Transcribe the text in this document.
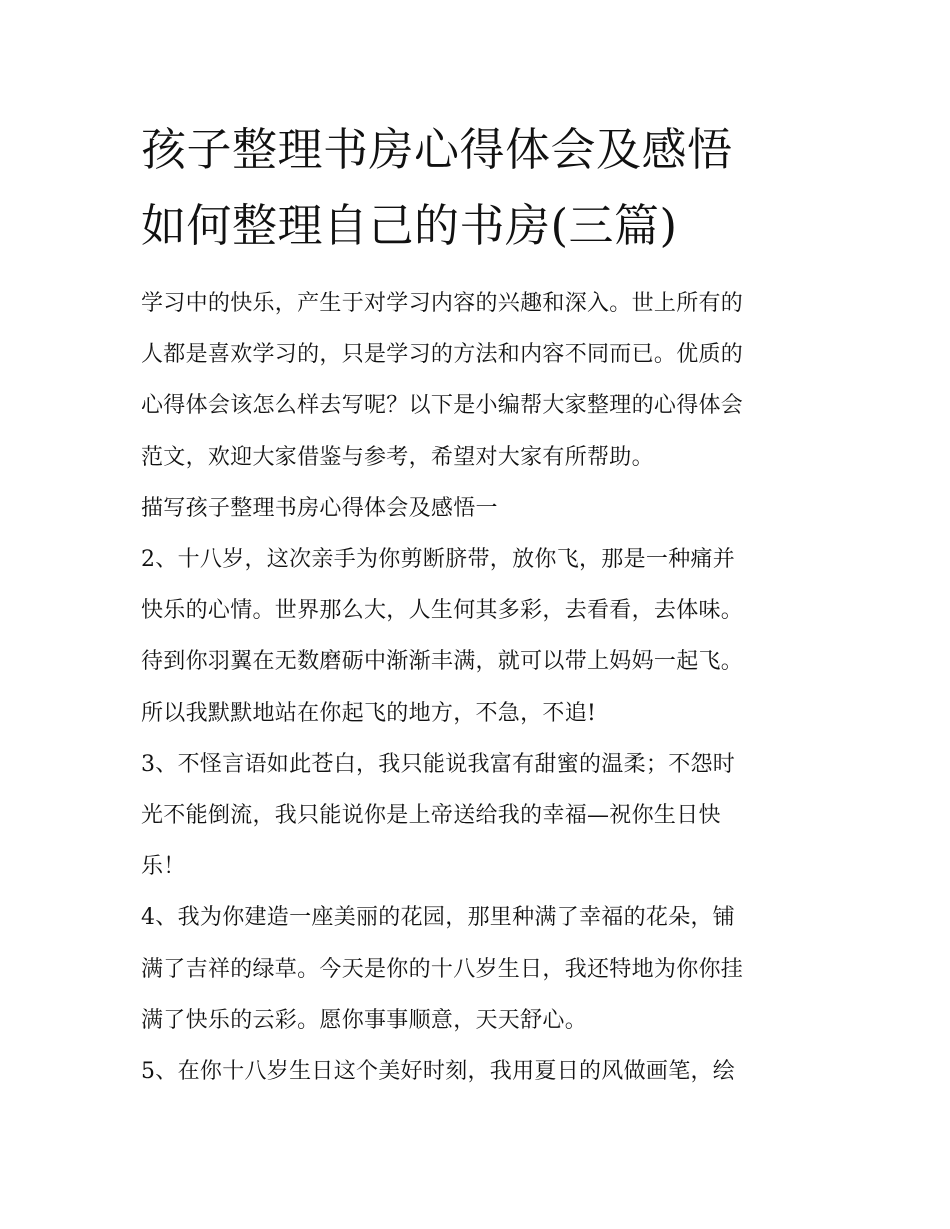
孩子整理书房心得体会及感悟
如何整理自己的书房(三篇)
学习中的快乐，产生于对学习内容的兴趣和深入。世上所有的
人都是喜欢学习的，只是学习的方法和内容不同而已。优质的
心得体会该怎么样去写呢？以下是小编帮大家整理的心得体会
范文，欢迎大家借鉴与参考，希望对大家有所帮助。
描写孩子整理书房心得体会及感悟一
2、十八岁，这次亲手为你剪断脐带，放你飞，那是一种痛并
快乐的心情。世界那么大，人生何其多彩，去看看，去体味。
待到你羽翼在无数磨砺中渐渐丰满，就可以带上妈妈一起飞。
所以我默默地站在你起飞的地方，不急，不追!
3、不怪言语如此苍白，我只能说我富有甜蜜的温柔；不怨时
光不能倒流，我只能说你是上帝送给我的幸福—祝你生日快
乐！
4、我为你建造一座美丽的花园，那里种满了幸福的花朵，铺
满了吉祥的绿草。今天是你的十八岁生日，我还特地为你你挂
满了快乐的云彩。愿你事事顺意，天天舒心。
5、在你十八岁生日这个美好时刻，我用夏日的风做画笔，绘
